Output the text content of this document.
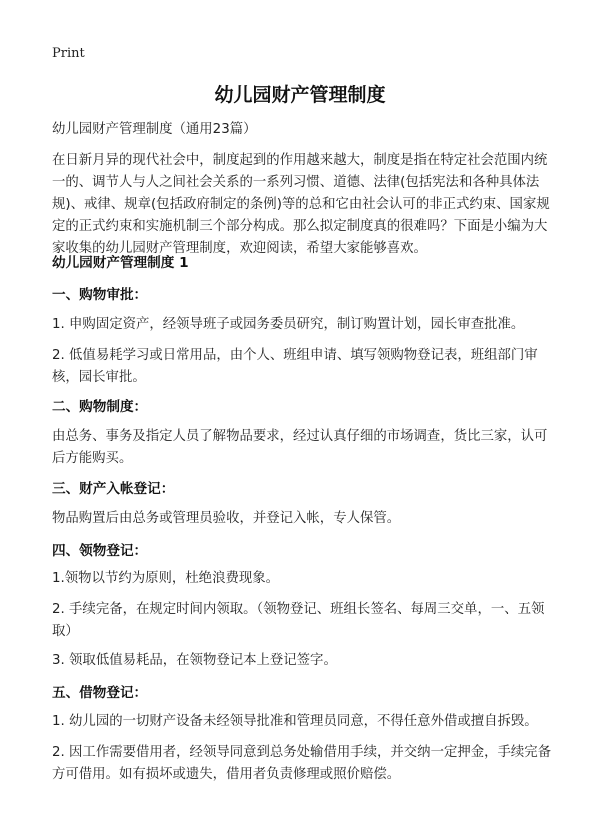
Print
幼儿园财产管理制度

幼儿园财产管理制度（通用23篇）

在日新月异的现代社会中，制度起到的作用越来越大，制度是指在特定社会范围内统一的、调节人与人之间社会关系的一系列习惯、道德、法律(包括宪法和各种具体法规)、戒律、规章(包括政府制定的条例)等的总和它由社会认可的非正式约束、国家规定的正式约束和实施机制三个部分构成。那么拟定制度真的很难吗？下面是小编为大家收集的幼儿园财产管理制度，欢迎阅读，希望大家能够喜欢。

幼儿园财产管理制度 1

一、购物审批：

1. 申购固定资产，经领导班子或园务委员研究，制订购置计划，园长审查批准。

2. 低值易耗学习或日常用品，由个人、班组申请、填写领购物登记表，班组部门审核，园长审批。

二、购物制度：

由总务、事务及指定人员了解物品要求，经过认真仔细的市场调查，货比三家，认可后方能购买。

三、财产入帐登记：

物品购置后由总务或管理员验收，并登记入帐，专人保管。

四、领物登记：

1.领物以节约为原则，杜绝浪费现象。

2. 手续完备，在规定时间内领取。（领物登记、班组长签名、每周三交单，一、五领取）

3. 领取低值易耗品，在领物登记本上登记签字。

五、借物登记：

1. 幼儿园的一切财产设备未经领导批准和管理员同意，不得任意外借或擅自拆毁。

2. 因工作需要借用者，经领导同意到总务处输借用手续，并交纳一定押金，手续完备方可借用。如有损坏或遗失，借用者负责修理或照价赔偿。
